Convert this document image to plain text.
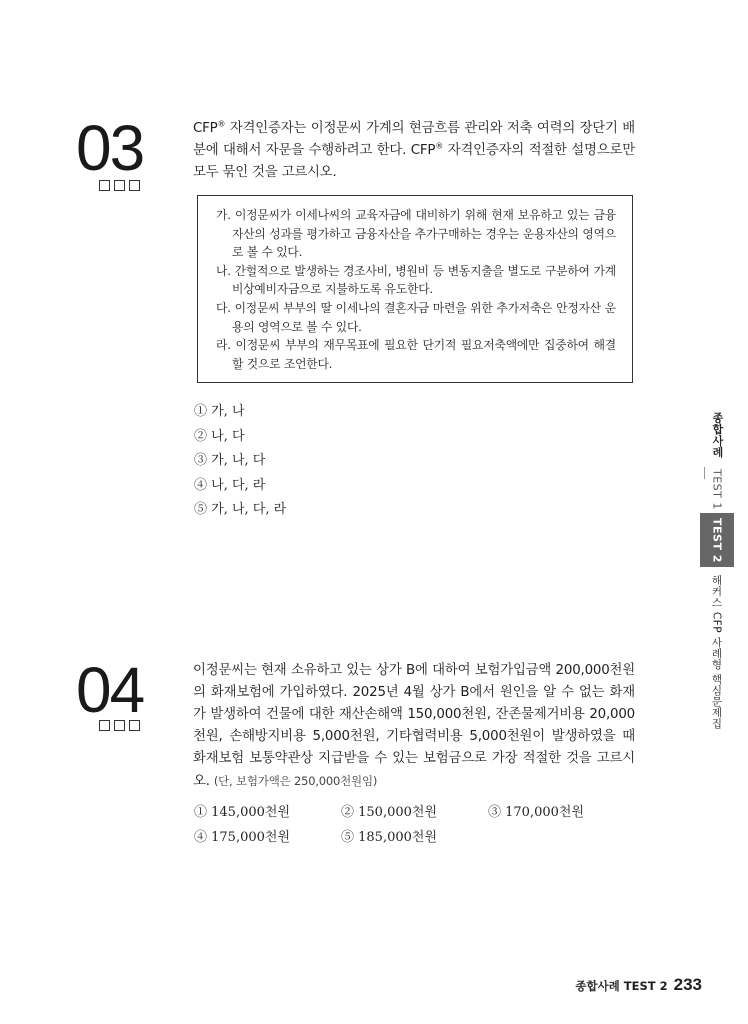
03	CFP® 자격인증자는 이정문씨 가계의 현금흐름 관리와 저축 여력의 장단기 배분에 대해서 자문을 수행하려고 한다. CFP® 자격인증자의 적절한 설명으로만 모두 묶인 것을 고르시오.
가. 이정문씨가 이세나씨의 교육자금에 대비하기 위해 현재 보유하고 있는 금융자산의 성과를 평가하고 금융자산을 추가구매하는 경우는 운용자산의 영역으로 볼 수 있다.
나. 간헐적으로 발생하는 경조사비, 병원비 등 변동지출을 별도로 구분하여 가계비상예비자금으로 지불하도록 유도한다.
다. 이정문씨 부부의 딸 이세나의 결혼자금 마련을 위한 추가저축은 안정자산 운용의 영역으로 볼 수 있다.
라. 이정문씨 부부의 재무목표에 필요한 단기적 필요저축액에만 집중하여 해결할 것으로 조언한다.
① 가, 나
② 나, 다
③ 가, 나, 다
④ 나, 다, 라
⑤ 가, 나, 다, 라
04	이정문씨는 현재 소유하고 있는 상가 B에 대하여 보험가입금액 200,000천원의 화재보험에 가입하였다. 2025년 4월 상가 B에서 원인을 알 수 없는 화재가 발생하여 건물에 대한 재산손해액 150,000천원, 잔존물제거비용 20,000천원, 손해방지비용 5,000천원, 기타협력비용 5,000천원이 발생하였을 때 화재보험 보통약관상 지급받을 수 있는 보험금으로 가장 적절한 것을 고르시오. (단, 보험가액은 250,000천원임)
① 145,000천원	② 150,000천원	③ 170,000천원
④ 175,000천원	⑤ 185,000천원
종합사례
TEST 1
TEST 2
해커스 CFP 사례형 핵심문제집
종합사례 TEST 2 233
